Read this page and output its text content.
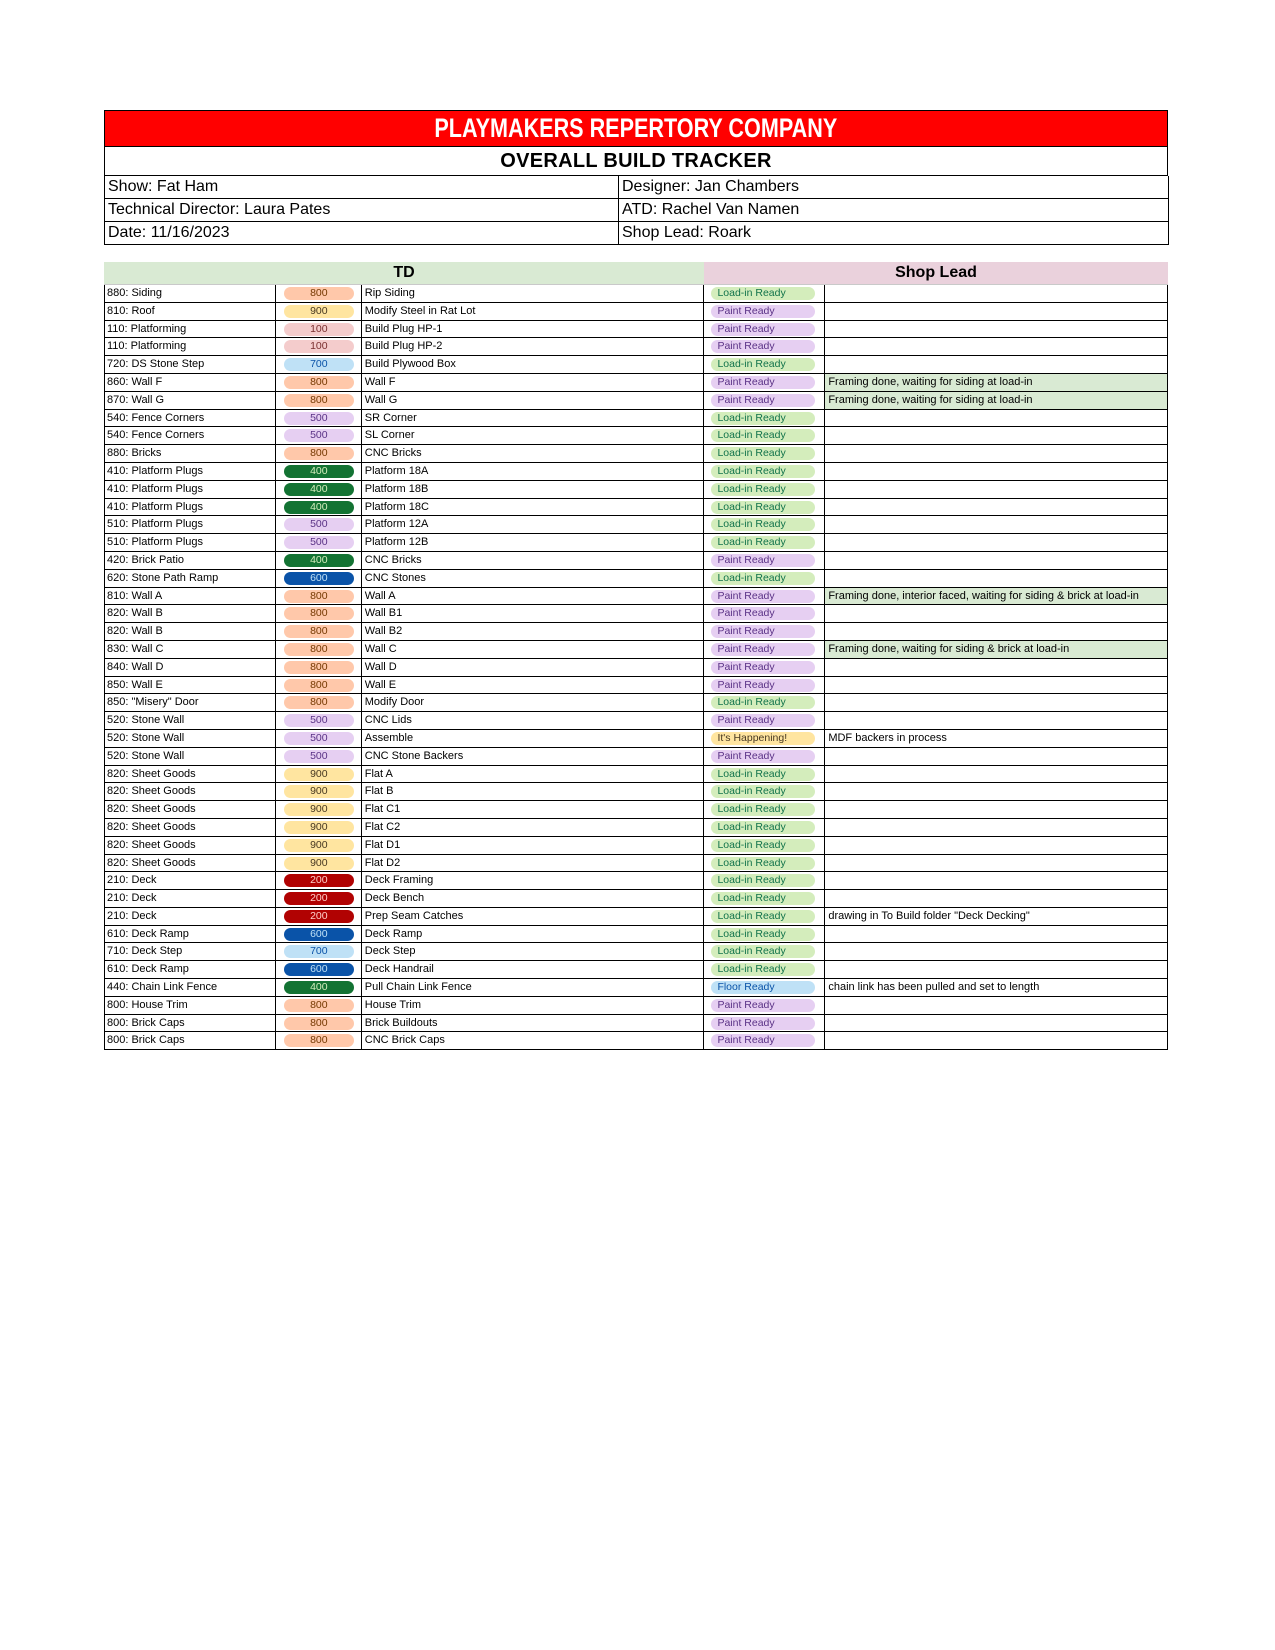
PLAYMAKERS REPERTORY COMPANY
OVERALL BUILD TRACKER
Show: Fat Ham	Designer: Jan Chambers
Technical Director: Laura Pates	ATD: Rachel Van Namen
Date: 11/16/2023	Shop Lead: Roark
TD	Shop Lead
880: Siding	800	Rip Siding	Load-in Ready
810: Roof	900	Modify Steel in Rat Lot	Paint Ready
110: Platforming	100	Build Plug HP-1	Paint Ready
110: Platforming	100	Build Plug HP-2	Paint Ready
720: DS Stone Step	700	Build Plywood Box	Load-in Ready
860: Wall F	800	Wall F	Paint Ready	Framing done, waiting for siding at load-in
870: Wall G	800	Wall G	Paint Ready	Framing done, waiting for siding at load-in
540: Fence Corners	500	SR Corner	Load-in Ready
540: Fence Corners	500	SL Corner	Load-in Ready
880: Bricks	800	CNC Bricks	Load-in Ready
410: Platform Plugs	400	Platform 18A	Load-in Ready
410: Platform Plugs	400	Platform 18B	Load-in Ready
410: Platform Plugs	400	Platform 18C	Load-in Ready
510: Platform Plugs	500	Platform 12A	Load-in Ready
510: Platform Plugs	500	Platform 12B	Load-in Ready
420: Brick Patio	400	CNC Bricks	Paint Ready
620: Stone Path Ramp	600	CNC Stones	Load-in Ready
810: Wall A	800	Wall A	Paint Ready	Framing done, interior faced, waiting for siding & brick at load-in
820: Wall B	800	Wall B1	Paint Ready
820: Wall B	800	Wall B2	Paint Ready
830: Wall C	800	Wall C	Paint Ready	Framing done, waiting for siding & brick at load-in
840: Wall D	800	Wall D	Paint Ready
850: Wall E	800	Wall E	Paint Ready
850: "Misery" Door	800	Modify Door	Load-in Ready
520: Stone Wall	500	CNC Lids	Paint Ready
520: Stone Wall	500	Assemble	It's Happening!	MDF backers in process
520: Stone Wall	500	CNC Stone Backers	Paint Ready
820: Sheet Goods	900	Flat A	Load-in Ready
820: Sheet Goods	900	Flat B	Load-in Ready
820: Sheet Goods	900	Flat C1	Load-in Ready
820: Sheet Goods	900	Flat C2	Load-in Ready
820: Sheet Goods	900	Flat D1	Load-in Ready
820: Sheet Goods	900	Flat D2	Load-in Ready
210: Deck	200	Deck Framing	Load-in Ready
210: Deck	200	Deck Bench	Load-in Ready
210: Deck	200	Prep Seam Catches	Load-in Ready	drawing in To Build folder "Deck Decking"
610: Deck Ramp	600	Deck Ramp	Load-in Ready
710: Deck Step	700	Deck Step	Load-in Ready
610: Deck Ramp	600	Deck Handrail	Load-in Ready
440: Chain Link Fence	400	Pull Chain Link Fence	Floor Ready	chain link has been pulled and set to length
800: House Trim	800	House Trim	Paint Ready
800: Brick Caps	800	Brick Buildouts	Paint Ready
800: Brick Caps	800	CNC Brick Caps	Paint Ready
